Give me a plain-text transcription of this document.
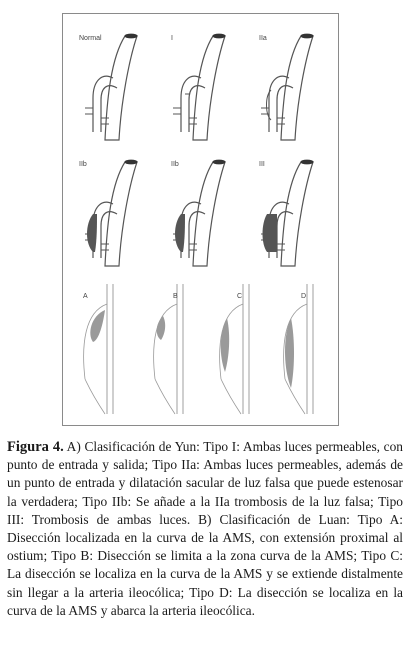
Normal	I	IIa
IIb	IIb	III
A	B	C	D
Figura 4. A) Clasificación de Yun: Tipo I: Ambas luces permeables, con punto de entrada y salida; Tipo IIa: Ambas luces permeables, además de un punto de entrada y dilatación sacular de luz falsa que puede estenosar la verdadera; Tipo IIb: Se añade a la IIa trombosis de la luz falsa; Tipo III: Trombosis de ambas luces. B) Clasificación de Luan: Tipo A: Disección localizada en la curva de la AMS, con extensión proximal al ostium; Tipo B: Disección se limita a la zona curva de la AMS; Tipo C: La disección se localiza en la curva de la AMS y se extiende distalmente sin llegar a la arteria ileocólica; Tipo D: La disección se localiza en la curva de la AMS y abarca la arteria ileocólica.
